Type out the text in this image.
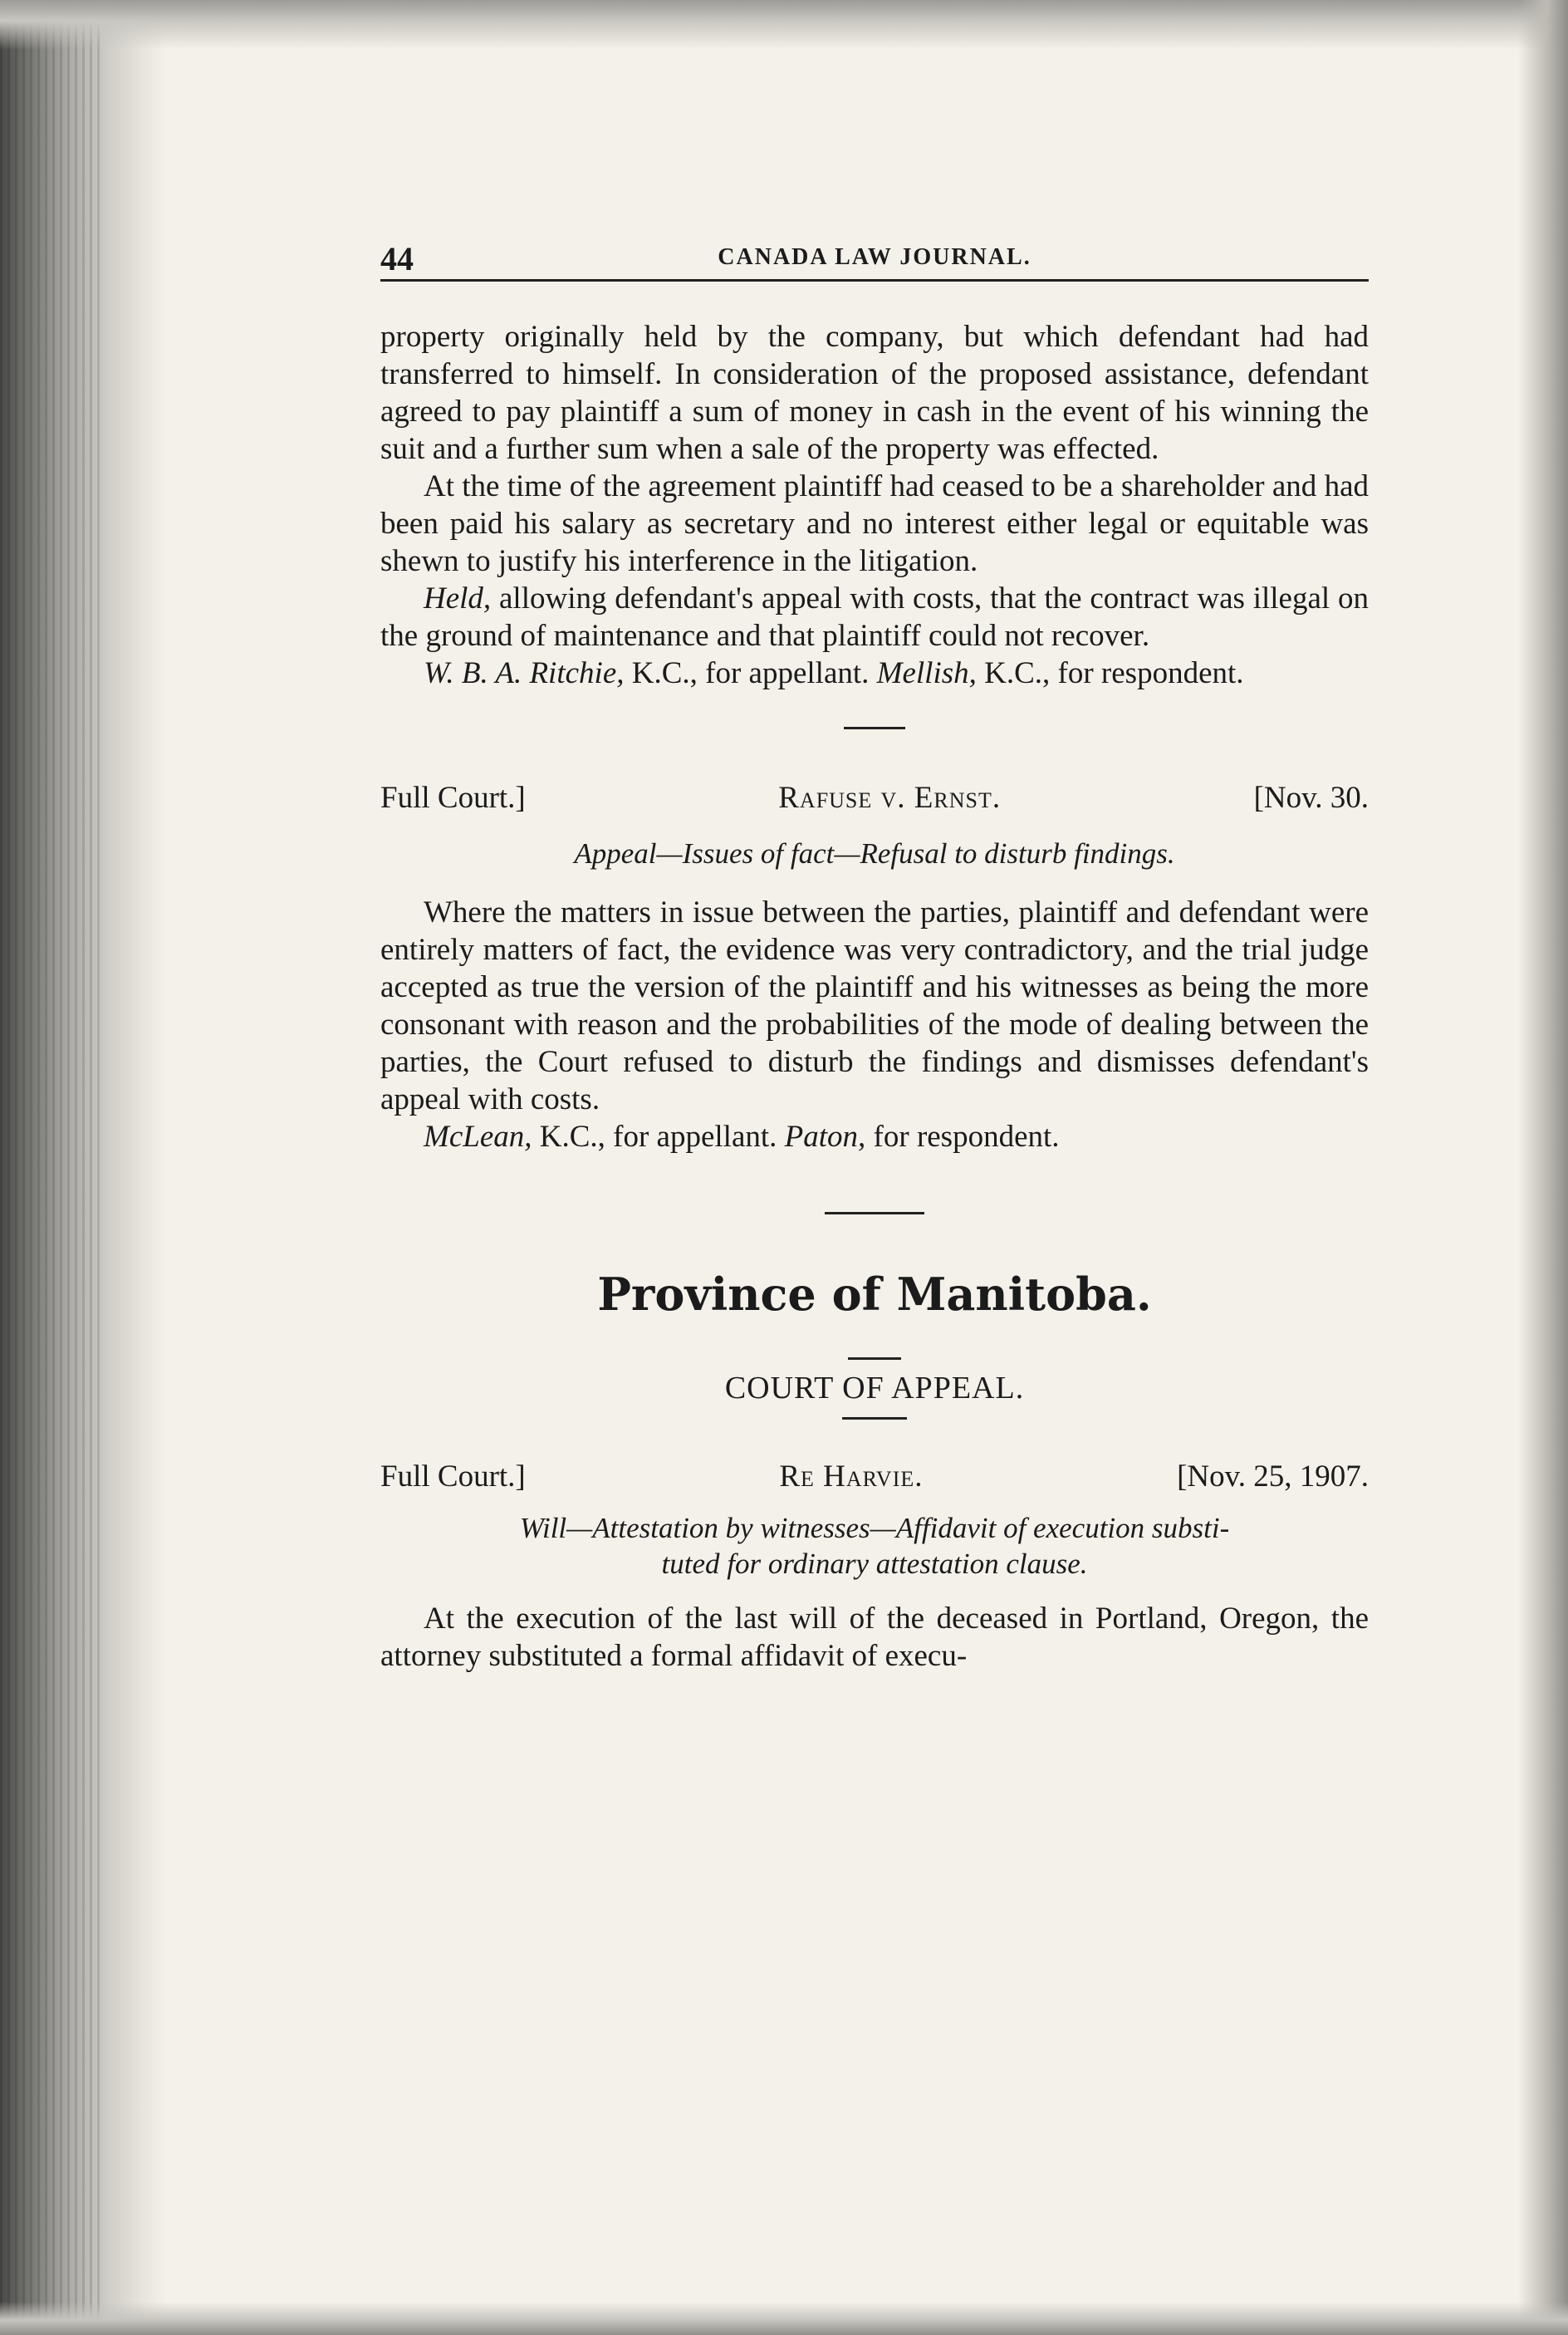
44	CANADA LAW JOURNAL.

property originally held by the company, but which defendant had had transferred to himself. In consideration of the proposed assistance, defendant agreed to pay plaintiff a sum of money in cash in the event of his winning the suit and a further sum when a sale of the property was effected.

At the time of the agreement plaintiff had ceased to be a shareholder and had been paid his salary as secretary and no interest either legal or equitable was shewn to justify his interference in the litigation.

Held, allowing defendant's appeal with costs, that the contract was illegal on the ground of maintenance and that plaintiff could not recover.

W. B. A. Ritchie, K.C., for appellant. Mellish, K.C., for respondent.

Full Court.]	Rafuse v. Ernst.	[Nov. 30.
Appeal—Issues of fact—Refusal to disturb findings.

Where the matters in issue between the parties, plaintiff and defendant were entirely matters of fact, the evidence was very contradictory, and the trial judge accepted as true the version of the plaintiff and his witnesses as being the more consonant with reason and the probabilities of the mode of dealing between the parties, the Court refused to disturb the findings and dismisses defendant's appeal with costs.

McLean, K.C., for appellant. Paton, for respondent.

Province of Manitoba.
COURT OF APPEAL.
Full Court.]	Re Harvie.	[Nov. 25, 1907.
Will—Attestation by witnesses—Affidavit of execution substi-
tuted for ordinary attestation clause.

At the execution of the last will of the deceased in Portland, Oregon, the attorney substituted a formal affidavit of execu-
